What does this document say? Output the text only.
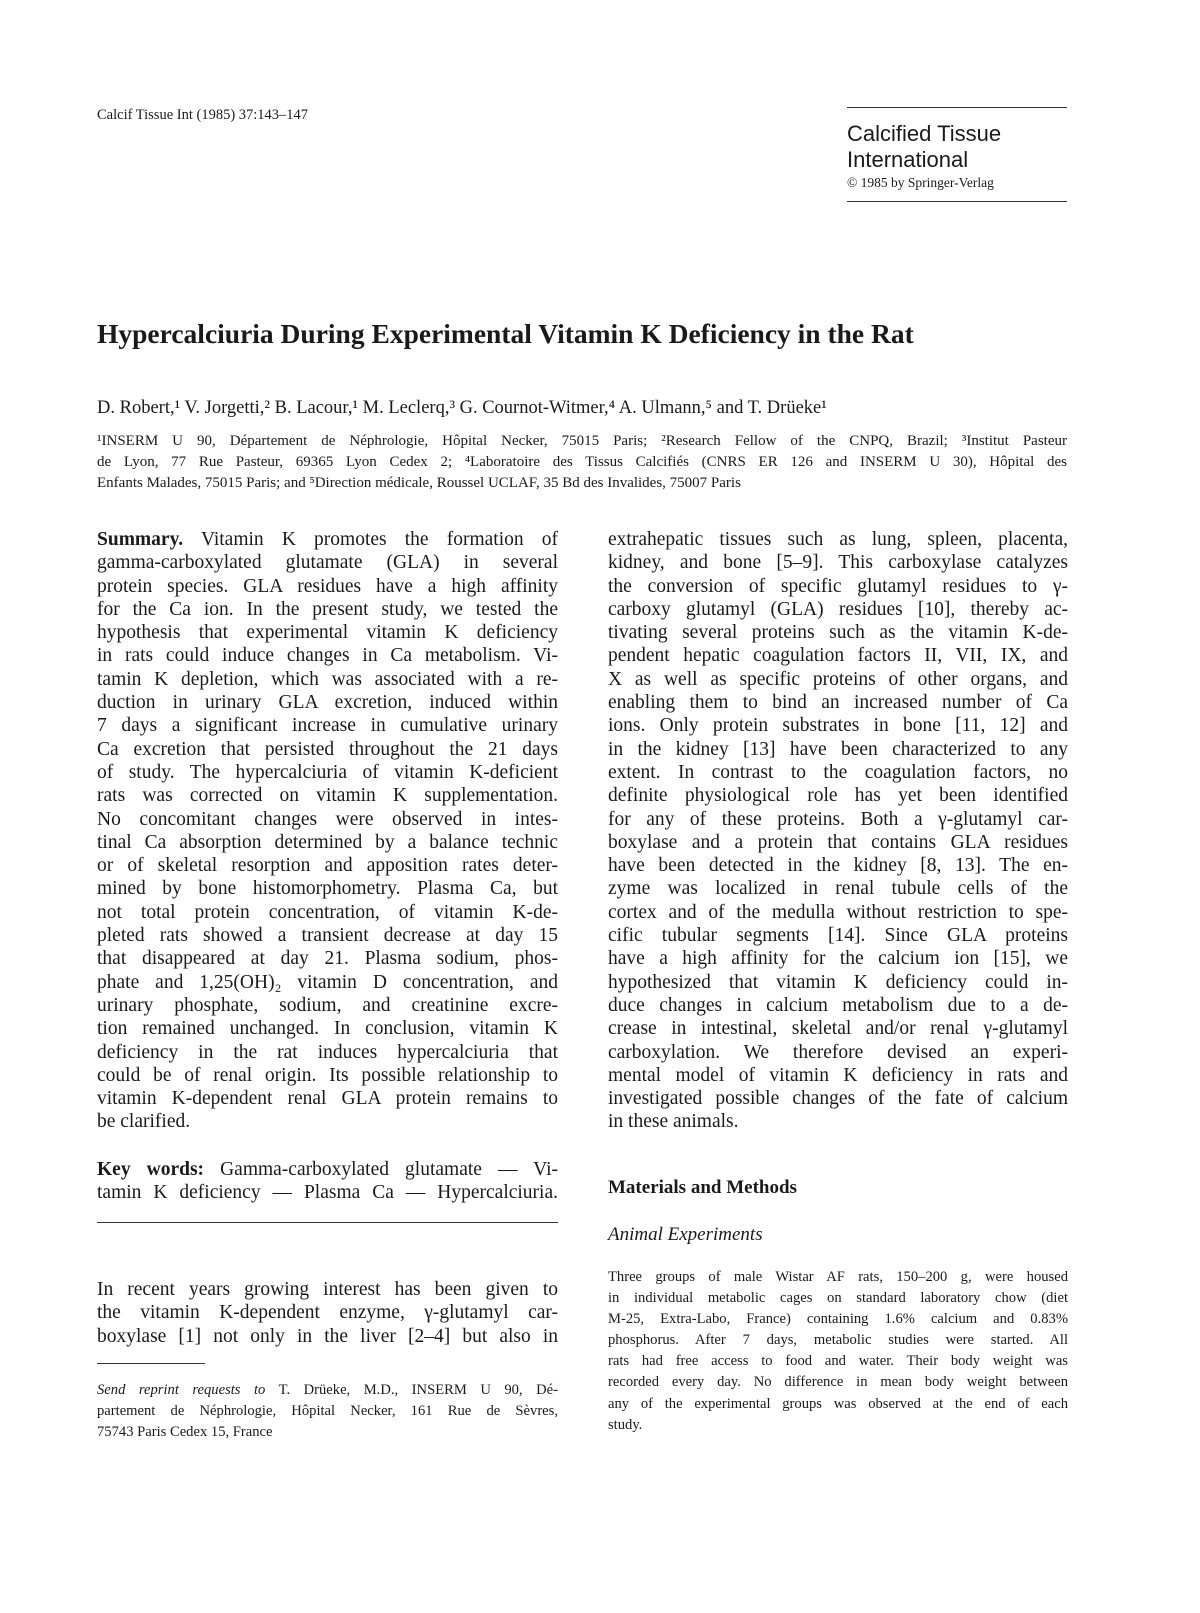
Calcif Tissue Int (1985) 37:143–147
Calcified Tissue
International
© 1985 by Springer-Verlag
Hypercalciuria During Experimental Vitamin K Deficiency in the Rat
D. Robert,¹ V. Jorgetti,² B. Lacour,¹ M. Leclerq,³ G. Cournot-Witmer,⁴ A. Ulmann,⁵ and T. Drüeke¹
¹INSERM U 90, Département de Néphrologie, Hôpital Necker, 75015 Paris; ²Research Fellow of the CNPQ, Brazil; ³Institut Pasteur
de Lyon, 77 Rue Pasteur, 69365 Lyon Cedex 2; ⁴Laboratoire des Tissus Calcifiés (CNRS ER 126 and INSERM U 30), Hôpital des
Enfants Malades, 75015 Paris; and ⁵Direction médicale, Roussel UCLAF, 35 Bd des Invalides, 75007 Paris
Summary. Vitamin K promotes the formation of
gamma-carboxylated glutamate (GLA) in several
protein species. GLA residues have a high affinity
for the Ca ion. In the present study, we tested the
hypothesis that experimental vitamin K deficiency
in rats could induce changes in Ca metabolism. Vi-
tamin K depletion, which was associated with a re-
duction in urinary GLA excretion, induced within
7 days a significant increase in cumulative urinary
Ca excretion that persisted throughout the 21 days
of study. The hypercalciuria of vitamin K-deficient
rats was corrected on vitamin K supplementation.
No concomitant changes were observed in intes-
tinal Ca absorption determined by a balance technic
or of skeletal resorption and apposition rates deter-
mined by bone histomorphometry. Plasma Ca, but
not total protein concentration, of vitamin K-de-
pleted rats showed a transient decrease at day 15
that disappeared at day 21. Plasma sodium, phos-
phate and 1,25(OH)₂ vitamin D concentration, and
urinary phosphate, sodium, and creatinine excre-
tion remained unchanged. In conclusion, vitamin K
deficiency in the rat induces hypercalciuria that
could be of renal origin. Its possible relationship to
vitamin K-dependent renal GLA protein remains to
be clarified.
Key words: Gamma-carboxylated glutamate — Vi-
tamin K deficiency — Plasma Ca — Hypercalciuria.
In recent years growing interest has been given to
the vitamin K-dependent enzyme, γ-glutamyl car-
boxylase [1] not only in the liver [2–4] but also in
Send reprint requests to T. Drüeke, M.D., INSERM U 90, Dé-
partement de Néphrologie, Hôpital Necker, 161 Rue de Sèvres,
75743 Paris Cedex 15, France
extrahepatic tissues such as lung, spleen, placenta,
kidney, and bone [5–9]. This carboxylase catalyzes
the conversion of specific glutamyl residues to γ-
carboxy glutamyl (GLA) residues [10], thereby ac-
tivating several proteins such as the vitamin K-de-
pendent hepatic coagulation factors II, VII, IX, and
X as well as specific proteins of other organs, and
enabling them to bind an increased number of Ca
ions. Only protein substrates in bone [11, 12] and
in the kidney [13] have been characterized to any
extent. In contrast to the coagulation factors, no
definite physiological role has yet been identified
for any of these proteins. Both a γ-glutamyl car-
boxylase and a protein that contains GLA residues
have been detected in the kidney [8, 13]. The en-
zyme was localized in renal tubule cells of the
cortex and of the medulla without restriction to spe-
cific tubular segments [14]. Since GLA proteins
have a high affinity for the calcium ion [15], we
hypothesized that vitamin K deficiency could in-
duce changes in calcium metabolism due to a de-
crease in intestinal, skeletal and/or renal γ-glutamyl
carboxylation. We therefore devised an experi-
mental model of vitamin K deficiency in rats and
investigated possible changes of the fate of calcium
in these animals.
Materials and Methods
Animal Experiments
Three groups of male Wistar AF rats, 150–200 g, were housed
in individual metabolic cages on standard laboratory chow (diet
M-25, Extra-Labo, France) containing 1.6% calcium and 0.83%
phosphorus. After 7 days, metabolic studies were started. All
rats had free access to food and water. Their body weight was
recorded every day. No difference in mean body weight between
any of the experimental groups was observed at the end of each
study.
